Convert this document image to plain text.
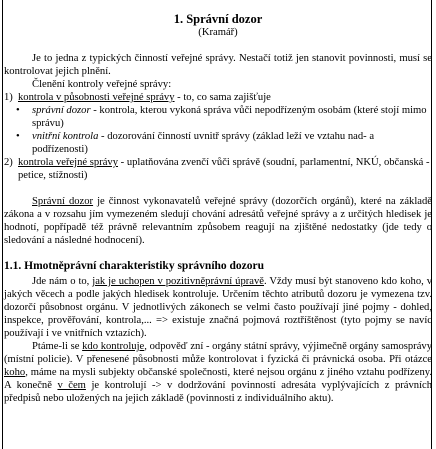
1. Správní dozor
(Kramář)

Je to jedna z typických činností veřejné správy. Nestačí totiž jen stanovit povinnosti, musí se kontrolovat jejich plnění.

Členění kontroly veřejné správy:

1) kontrola v působnosti veřejné správy - to, co sama zajišťuje
• správní dozor - kontrola, kterou vykoná správa vůči nepodřízeným osobám (které stojí mimo správu)
• vnitřní kontrola - dozorování činností uvnitř správy (základ leží ve vztahu nad- a podřízenosti)
2) kontrola veřejné správy - uplatňována zvenčí vůči správě (soudní, parlamentní, NKÚ, občanská - petice, stížnosti)

Správní dozor je činnost vykonavatelů veřejné správy (dozorčích orgánů), které na základě zákona a v rozsahu jím vymezeném sledují chování adresátů veřejné správy a z určitých hledisek je hodnotí, popřípadě též právně relevantním způsobem reagují na zjištěné nedostatky (jde tedy o sledování a následné hodnocení).

1.1. Hmotněprávní charakteristiky správního dozoru

Jde nám o to, jak je uchopen v pozitivněprávní úpravě. Vždy musí být stanoveno kdo koho, v jakých věcech a podle jakých hledisek kontroluje. Určením těchto atributů dozoru je vymezena tzv. dozorčí působnost orgánu. V jednotlivých zákonech se velmi často používají jiné pojmy - dohled, inspekce, prověřování, kontrola,... => existuje značná pojmová roztříštěnost (tyto pojmy se navíc používají i ve vnitřních vztazích).

Ptáme-li se kdo kontroluje, odpověď zní - orgány státní správy, výjimečně orgány samosprávy (místní policie). V přenesené působnosti může kontrolovat i fyzická či právnická osoba. Při otázce koho, máme na mysli subjekty občanské společnosti, které nejsou orgánu z jiného vztahu podřízeny. A konečně v čem je kontrolují -> v dodržování povinností adresáta vyplývajících z právních předpisů nebo uložených na jejich základě (povinnosti z individuálního aktu).
